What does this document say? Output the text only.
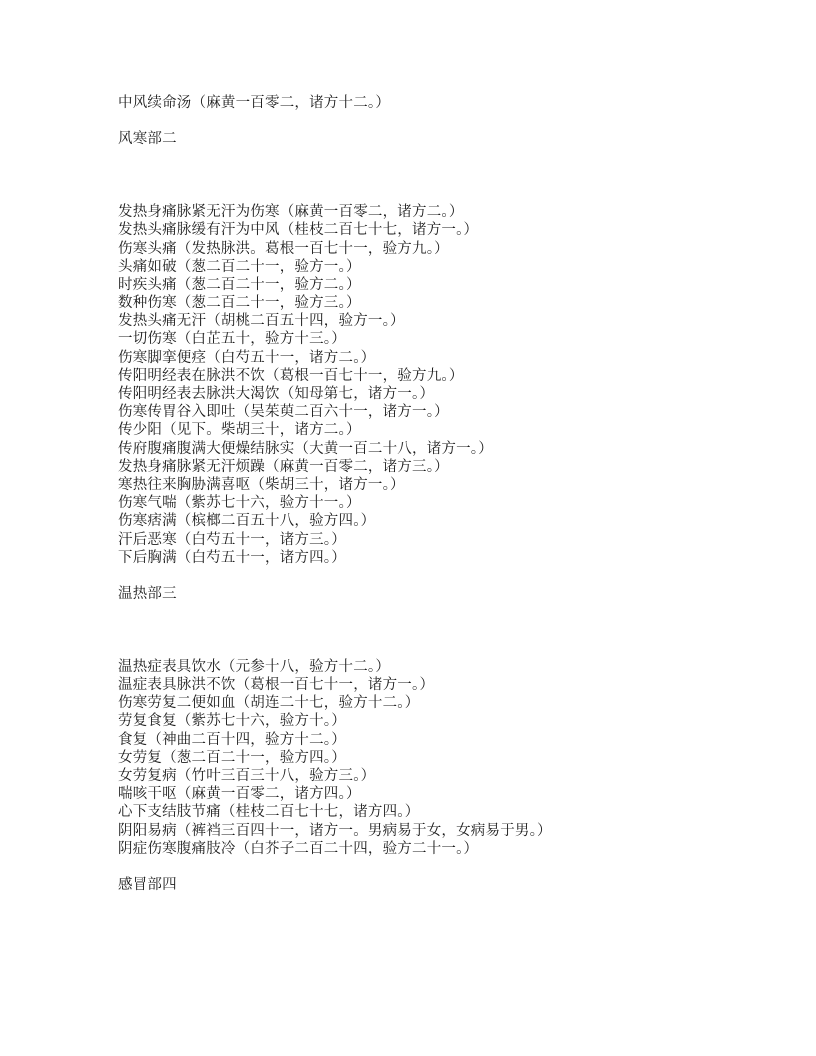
中风续命汤（麻黄一百零二，诸方十二。）
风寒部二
发热身痛脉紧无汗为伤寒（麻黄一百零二，诸方二。）
发热头痛脉缓有汗为中风（桂枝二百七十七，诸方一。）
伤寒头痛（发热脉洪。葛根一百七十一，验方九。）
头痛如破（葱二百二十一，验方一。）
时疾头痛（葱二百二十一，验方二。）
数种伤寒（葱二百二十一，验方三。）
发热头痛无汗（胡桃二百五十四，验方一。）
一切伤寒（白芷五十，验方十三。）
伤寒脚挛便痉（白芍五十一，诸方二。）
传阳明经表在脉洪不饮（葛根一百七十一，验方九。）
传阳明经表去脉洪大渴饮（知母第七，诸方一。）
伤寒传胃谷入即吐（吴茱萸二百六十一，诸方一。）
传少阳（见下。柴胡三十，诸方二。）
传府腹痛腹满大便燥结脉实（大黄一百二十八，诸方一。）
发热身痛脉紧无汗烦躁（麻黄一百零二，诸方三。）
寒热往来胸胁满喜呕（柴胡三十，诸方一。）
伤寒气喘（紫苏七十六，验方十一。）
伤寒痞满（槟榔二百五十八，验方四。）
汗后恶寒（白芍五十一，诸方三。）
下后胸满（白芍五十一，诸方四。）
温热部三
温热症表具饮水（元参十八，验方十二。）
温症表具脉洪不饮（葛根一百七十一，诸方一。）
伤寒劳复二便如血（胡连二十七，验方十二。）
劳复食复（紫苏七十六，验方十。）
食复（神曲二百十四，验方十二。）
女劳复（葱二百二十一，验方四。）
女劳复病（竹叶三百三十八，验方三。）
喘咳干呕（麻黄一百零二，诸方四。）
心下支结肢节痛（桂枝二百七十七，诸方四。）
阴阳易病（裤裆三百四十一，诸方一。男病易于女，女病易于男。）
阴症伤寒腹痛肢冷（白芥子二百二十四，验方二十一。）
感冒部四
